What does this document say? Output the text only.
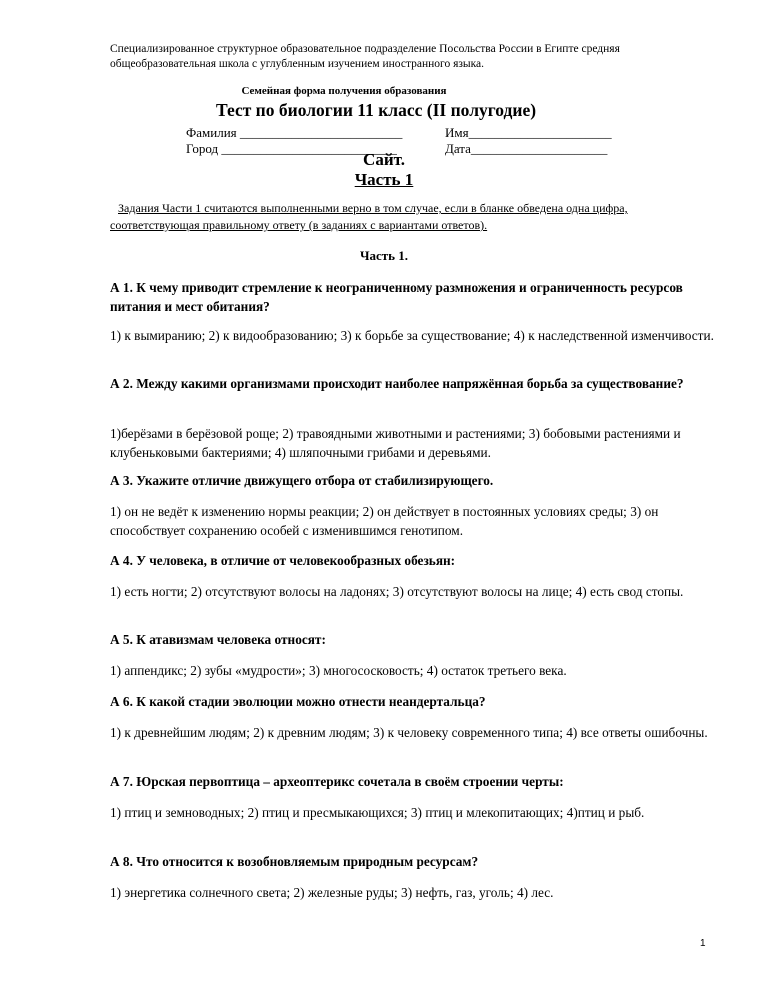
Специализированное структурное образовательное подразделение Посольства России в Египте средняя общеобразовательная школа с углубленным изучением иностранного языка.
Семейная форма получения образования
Тест по биологии 11 класс (II полугодие)
Фамилия _________________________	Имя______________________
Город ___________________________	Дата_____________________
Сайт.
Часть 1
Задания Части 1 считаются выполненными верно в том случае, если в бланке обведена одна цифра, соответствующая правильному ответу (в заданиях с вариантами ответов).
Часть 1.
А 1. К чему приводит стремление к неограниченному размножения и ограниченность ресурсов питания и мест обитания?
1) к вымиранию; 2) к видообразованию; 3) к борьбе за существование; 4) к наследственной изменчивости.
А 2. Между какими организмами происходит наиболее напряжённая борьба за существование?
1)берёзами в берёзовой роще; 2) травоядными животными и растениями; 3) бобовыми растениями и клубеньковыми бактериями; 4) шляпочными грибами и деревьями.
А 3. Укажите отличие движущего отбора от стабилизирующего.
1) он не ведёт к изменению нормы реакции; 2) он действует в постоянных условиях среды; 3) он способствует сохранению особей с изменившимся генотипом.
А 4. У человека, в отличие от человекообразных обезьян:
1) есть ногти; 2) отсутствуют волосы на ладонях; 3) отсутствуют волосы на лице; 4) есть свод стопы.
А 5. К атавизмам человека относят:
1) аппендикс; 2) зубы «мудрости»; 3) многососковость; 4) остаток третьего века.
А 6. К какой стадии эволюции можно отнести неандертальца?
1) к древнейшим людям; 2) к древним людям; 3) к человеку современного типа; 4) все ответы ошибочны.
А 7. Юрская первоптица – археоптерикс сочетала в своём строении черты:
1) птиц и земноводных; 2) птиц и пресмыкающихся; 3) птиц и млекопитающих; 4)птиц и рыб.
А 8. Что относится к возобновляемым природным ресурсам?
1) энергетика солнечного света; 2) железные руды; 3) нефть, газ, уголь; 4) лес.
1
